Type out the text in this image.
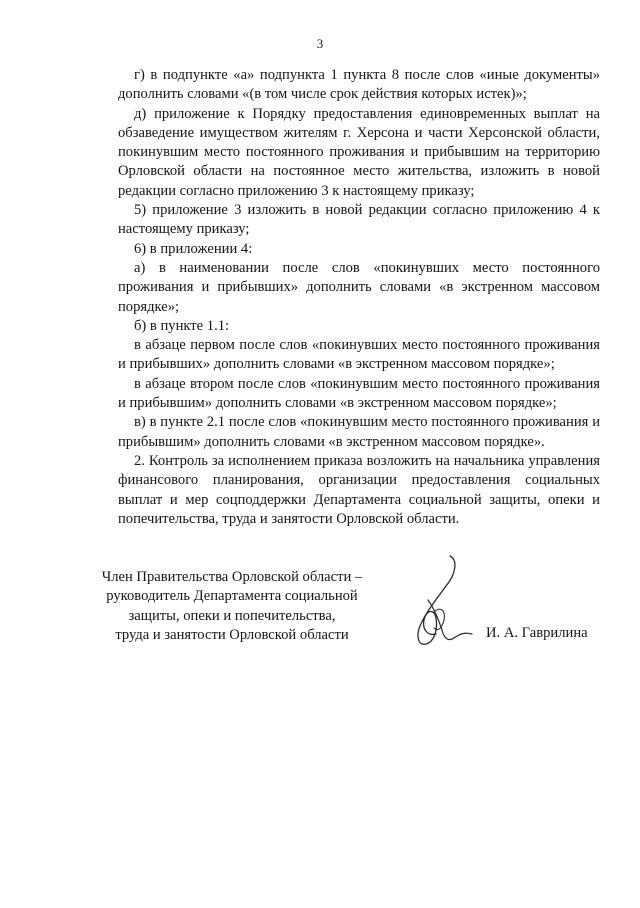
3

г) в подпункте «а» подпункта 1 пункта 8 после слов «иные документы» дополнить словами «(в том числе срок действия которых истек)»;

д) приложение к Порядку предоставления единовременных выплат на обзаведение имуществом жителям г. Херсона и части Херсонской области, покинувшим место постоянного проживания и прибывшим на территорию Орловской области на постоянное место жительства, изложить в новой редакции согласно приложению 3 к настоящему приказу;

5) приложение 3 изложить в новой редакции согласно приложению 4 к настоящему приказу;

6) в приложении 4:

а) в наименовании после слов «покинувших место постоянного проживания и прибывших» дополнить словами «в экстренном массовом порядке»;

б) в пункте 1.1:

в абзаце первом после слов «покинувших место постоянного проживания и прибывших» дополнить словами «в экстренном массовом порядке»;

в абзаце втором после слов «покинувшим место постоянного проживания и прибывшим» дополнить словами «в экстренном массовом порядке»;

в) в пункте 2.1 после слов «покинувшим место постоянного проживания и прибывшим» дополнить словами «в экстренном массовом порядке».

2. Контроль за исполнением приказа возложить на начальника управления финансового планирования, организации предоставления социальных выплат и мер соцподдержки Департамента социальной защиты, опеки и попечительства, труда и занятости Орловской области.

Член Правительства Орловской области –
руководитель Департамента социальной
защиты, опеки и попечительства,
труда и занятости Орловской области	И. А. Гаврилина
